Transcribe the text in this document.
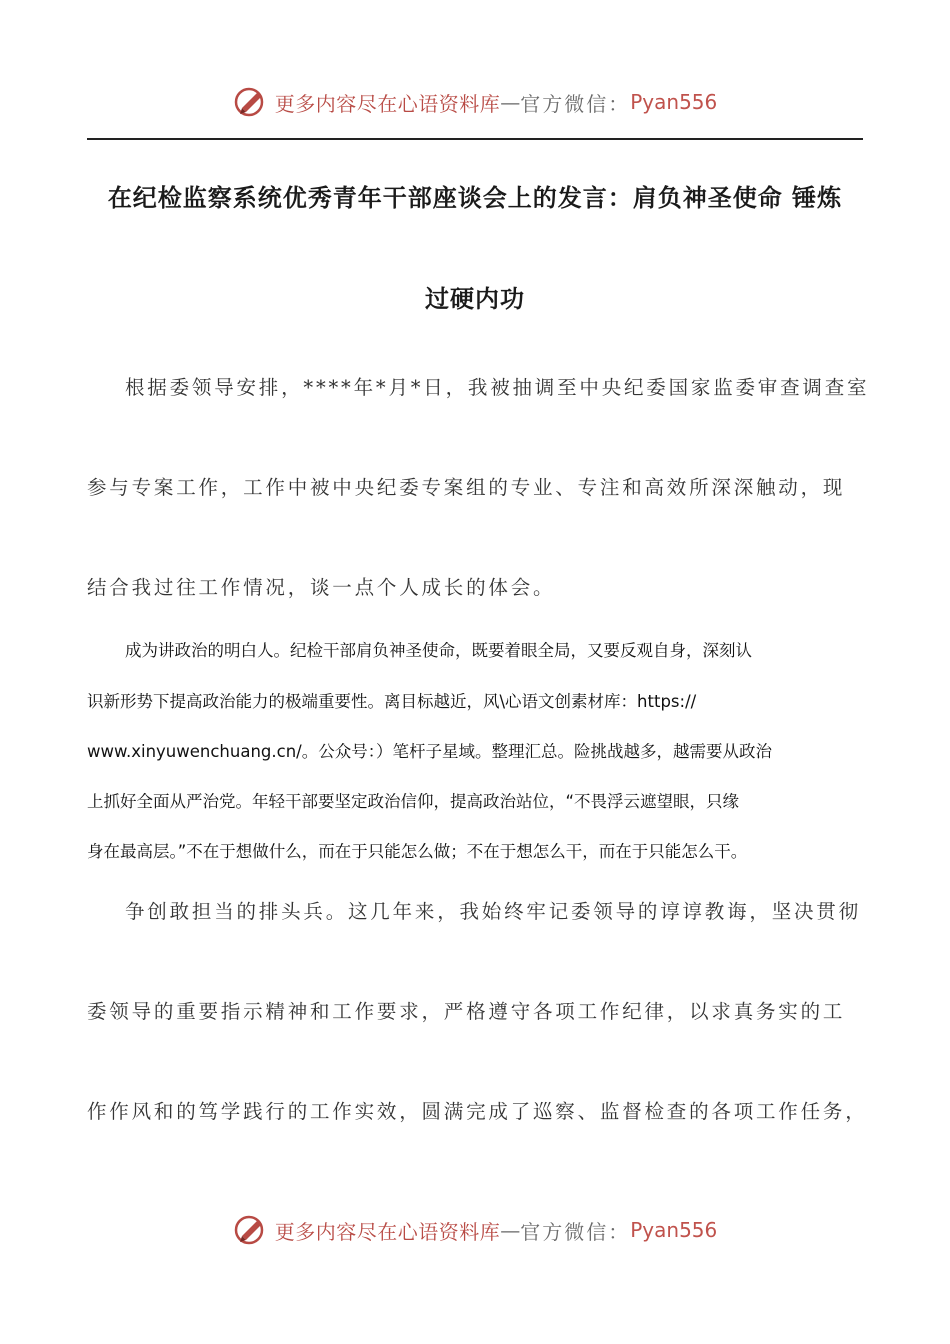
更多内容尽在心语资料库 — 官方微信： Pyan556
在纪检监察系统优秀青年干部座谈会上的发言：肩负神圣使命 锤炼
过硬内功
根据委领导安排，****年*月*日，我被抽调至中央纪委国家监委审查调查室
参与专案工作，工作中被中央纪委专案组的专业、专注和高效所深深触动，现
结合我过往工作情况，谈一点个人成长的体会。
成为讲政治的明白人。纪检干部肩负神圣使命，既要着眼全局，又要反观自身，深刻认
识新形势下提高政治能力的极端重要性。离目标越近，风\心语文创素材库：https://
www.xinyuwenchuang.cn/。公众号：）笔杆子星域。整理汇总。险挑战越多，越需要从政治
上抓好全面从严治党。年轻干部要坚定政治信仰，提高政治站位，“不畏浮云遮望眼，只缘
身在最高层。”不在于想做什么，而在于只能怎么做；不在于想怎么干，而在于只能怎么干。
争创敢担当的排头兵。这几年来，我始终牢记委领导的谆谆教诲，坚决贯彻
委领导的重要指示精神和工作要求，严格遵守各项工作纪律，以求真务实的工
作作风和的笃学践行的工作实效，圆满完成了巡察、监督检查的各项工作任务，
更多内容尽在心语资料库 — 官方微信： Pyan556
